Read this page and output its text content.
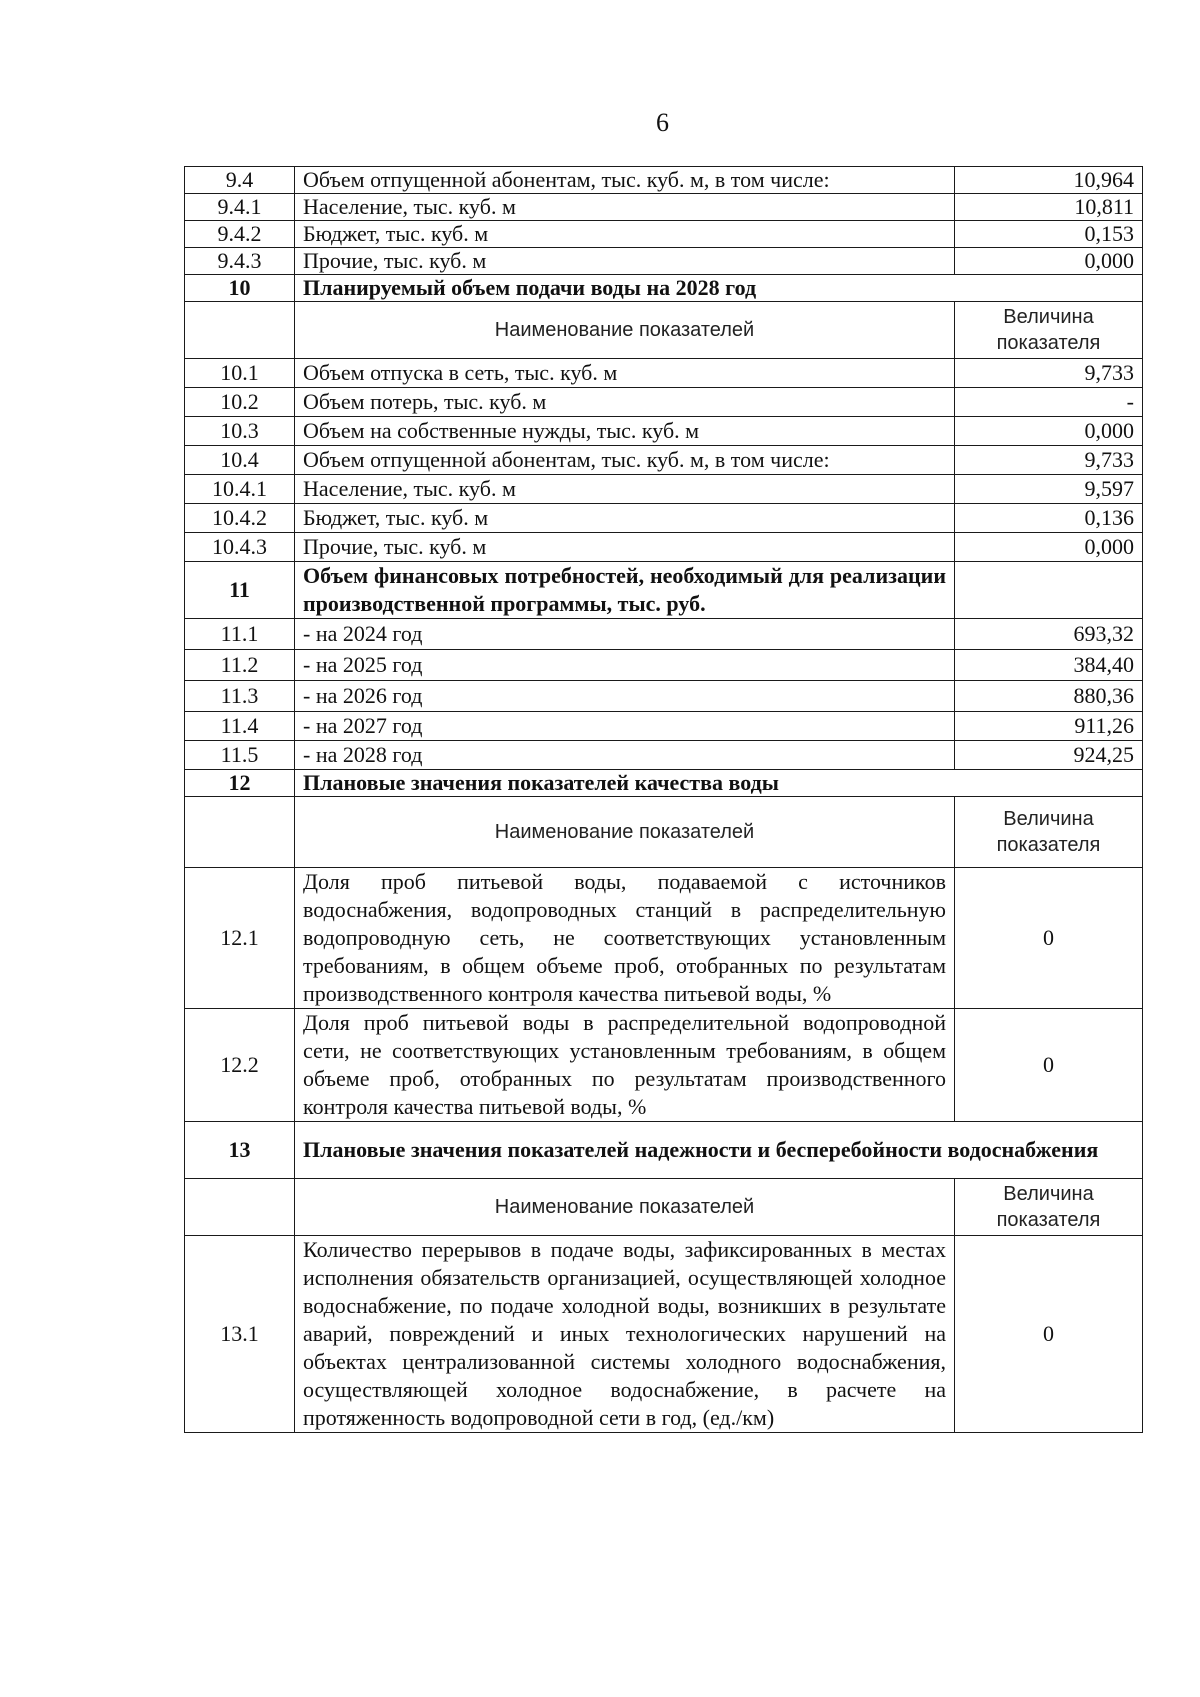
6
9.4	Объем отпущенной абонентам, тыс. куб. м, в том числе:	10,964
9.4.1	Население, тыс. куб. м	10,811
9.4.2	Бюджет, тыс. куб. м	0,153
9.4.3	Прочие, тыс. куб. м	0,000
10	Планируемый объем подачи воды на 2028 год	
	Наименование показателей	Величина показателя
10.1	Объем отпуска в сеть, тыс. куб. м	9,733
10.2	Объем потерь, тыс. куб. м	-
10.3	Объем на собственные нужды, тыс. куб. м	0,000
10.4	Объем отпущенной абонентам, тыс. куб. м, в том числе:	9,733
10.4.1	Население, тыс. куб. м	9,597
10.4.2	Бюджет, тыс. куб. м	0,136
10.4.3	Прочие, тыс. куб. м	0,000
11	Объем финансовых потребностей, необходимый для реализации производственной программы, тыс. руб.	
11.1	- на 2024 год	693,32
11.2	- на 2025 год	384,40
11.3	- на 2026 год	880,36
11.4	- на 2027 год	911,26
11.5	- на 2028 год	924,25
12	Плановые значения показателей качества воды	
	Наименование показателей	Величина показателя
12.1	Доля проб питьевой воды, подаваемой с источников водоснабжения, водопроводных станций в распределительную водопроводную сеть, не соответствующих установленным требованиям, в общем объеме проб, отобранных по результатам производственного контроля качества питьевой воды, %	0
12.2	Доля проб питьевой воды в распределительной водопроводной сети, не соответствующих установленным требованиям, в общем объеме проб, отобранных по результатам производственного контроля качества питьевой воды, %	0
13	Плановые значения показателей надежности и бесперебойности водоснабжения	
	Наименование показателей	Величина показателя
13.1	Количество перерывов в подаче воды, зафиксированных в местах исполнения обязательств организацией, осуществляющей холодное водоснабжение, по подаче холодной воды, возникших в результате аварий, повреждений и иных технологических нарушений на объектах централизованной системы холодного водоснабжения, осуществляющей холодное водоснабжение, в расчете на протяженность водопроводной сети в год, (ед./км)	0
